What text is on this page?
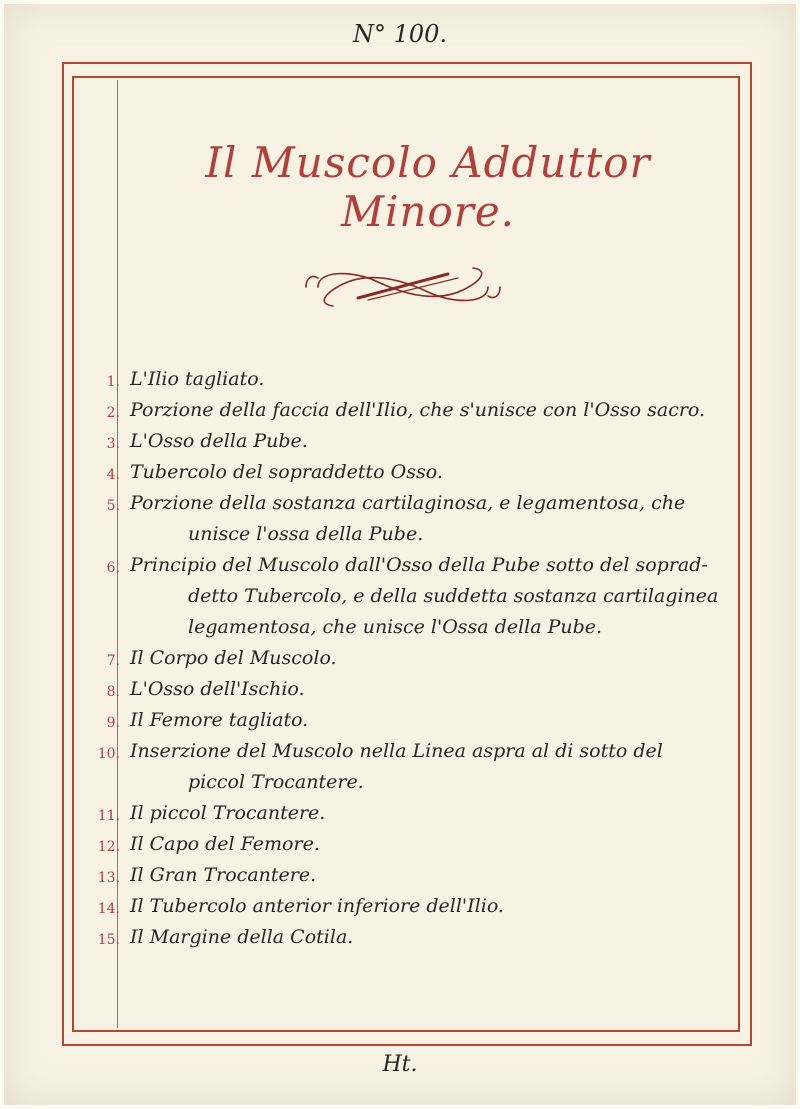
N° 100.
Il Muscolo Adduttor Minore.
1. L'Ilio tagliato.
2. Porzione della faccia dell'Ilio, che s'unisce con l'Osso sacro.
3. L'Osso della Pube.
4. Tubercolo del sopraddetto Osso.
5. Porzione della sostanza cartilaginosa, e legamentosa, che
unisce l'ossa della Pube.
6. Principio del Muscolo dall'Osso della Pube sotto del soprad-
detto Tubercolo, e della suddetta sostanza cartilaginea
legamentosa, che unisce l'Ossa della Pube.
7. Il Corpo del Muscolo.
8. L'Osso dell'Ischio.
9. Il Femore tagliato.
10. Inserzione del Muscolo nella Linea aspra al di sotto del
piccol Trocantere.
11. Il piccol Trocantere.
12. Il Capo del Femore.
13. Il Gran Trocantere.
14. Il Tubercolo anterior inferiore dell'Ilio.
15. Il Margine della Cotila.
Ht.
